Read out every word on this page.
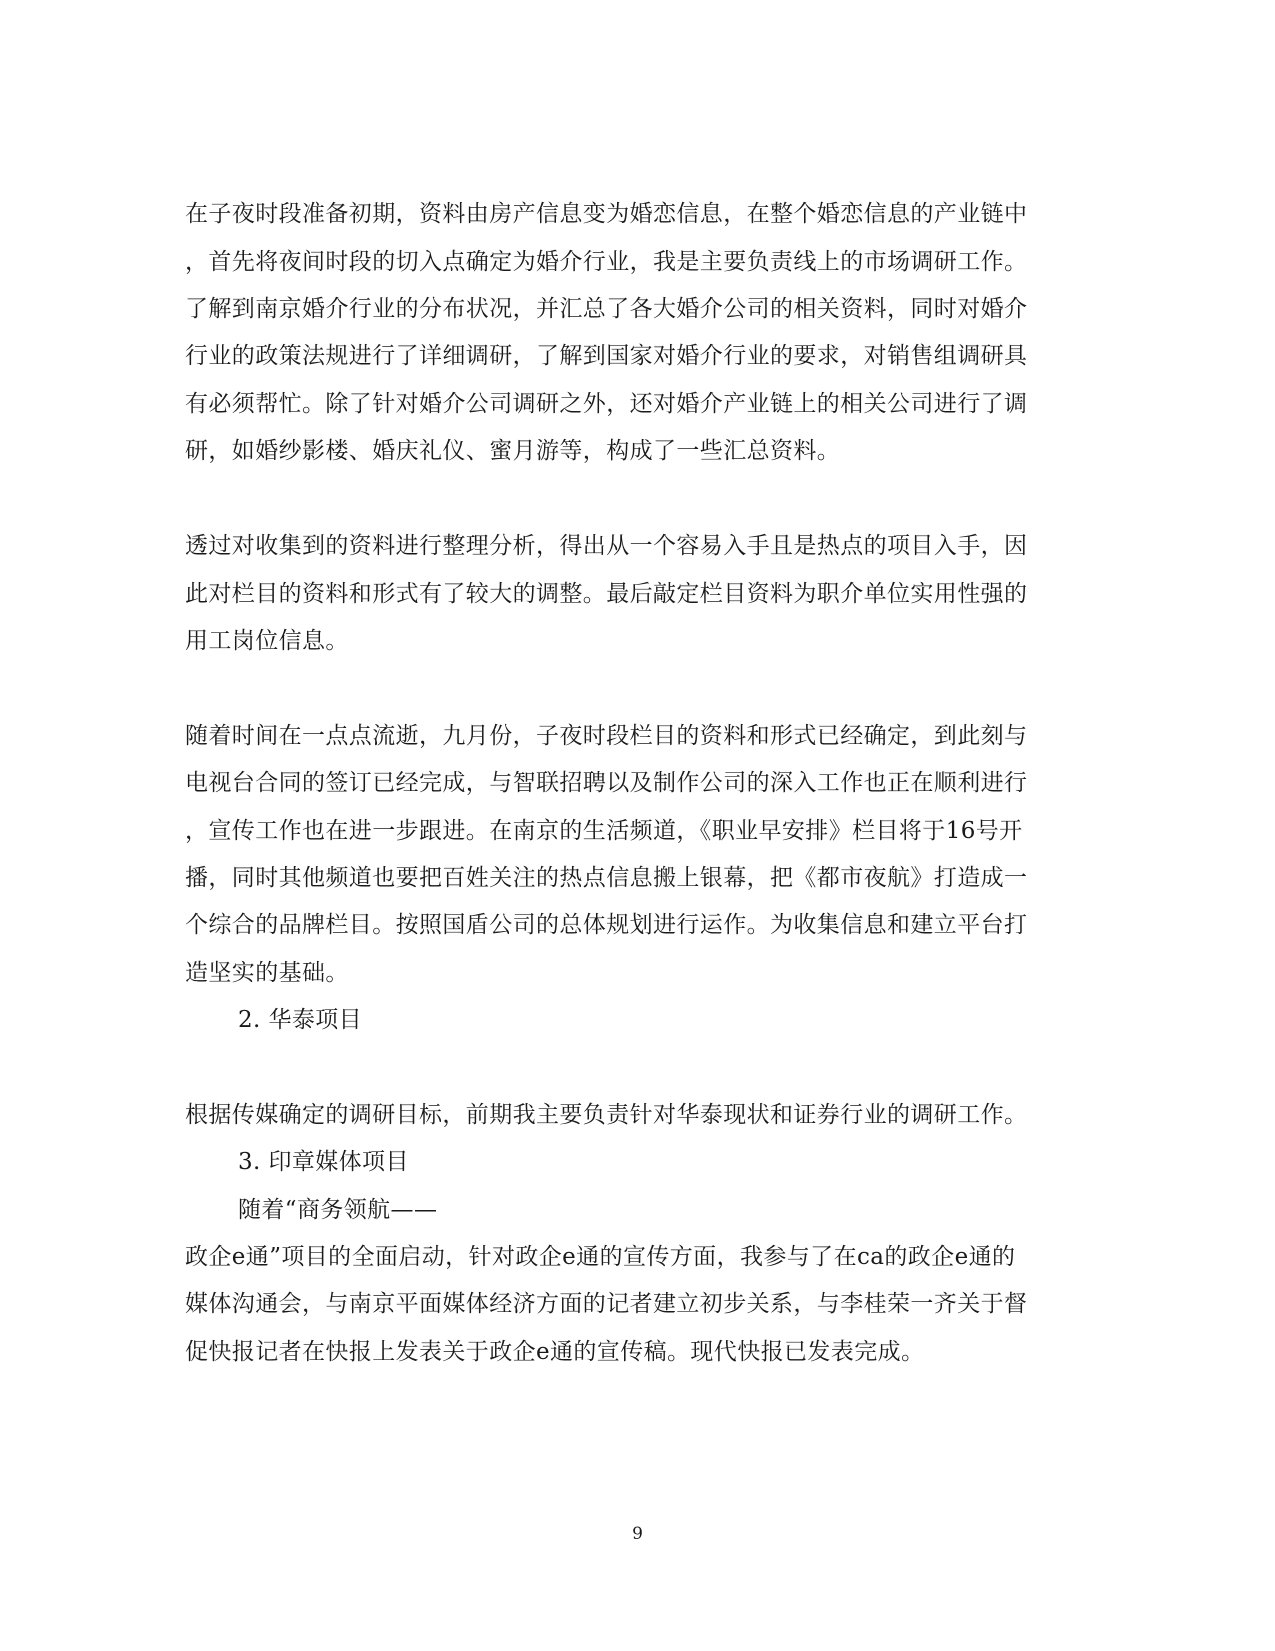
在子夜时段准备初期，资料由房产信息变为婚恋信息，在整个婚恋信息的产业链中
，首先将夜间时段的切入点确定为婚介行业，我是主要负责线上的市场调研工作。
了解到南京婚介行业的分布状况，并汇总了各大婚介公司的相关资料，同时对婚介
行业的政策法规进行了详细调研，了解到国家对婚介行业的要求，对销售组调研具
有必须帮忙。除了针对婚介公司调研之外，还对婚介产业链上的相关公司进行了调
研，如婚纱影楼、婚庆礼仪、蜜月游等，构成了一些汇总资料。
透过对收集到的资料进行整理分析，得出从一个容易入手且是热点的项目入手，因
此对栏目的资料和形式有了较大的调整。最后敲定栏目资料为职介单位实用性强的
用工岗位信息。
随着时间在一点点流逝，九月份，子夜时段栏目的资料和形式已经确定，到此刻与
电视台合同的签订已经完成，与智联招聘以及制作公司的深入工作也正在顺利进行
，宣传工作也在进一步跟进。在南京的生活频道，《职业早安排》栏目将于16号开
播，同时其他频道也要把百姓关注的热点信息搬上银幕，把《都市夜航》打造成一
个综合的品牌栏目。按照国盾公司的总体规划进行运作。为收集信息和建立平台打
造坚实的基础。
2. 华泰项目
根据传媒确定的调研目标，前期我主要负责针对华泰现状和证券行业的调研工作。
3. 印章媒体项目
随着“商务领航——
政企e通”项目的全面启动，针对政企e通的宣传方面，我参与了在ca的政企e通的
媒体沟通会，与南京平面媒体经济方面的记者建立初步关系，与李桂荣一齐关于督
促快报记者在快报上发表关于政企e通的宣传稿。现代快报已发表完成。
9
